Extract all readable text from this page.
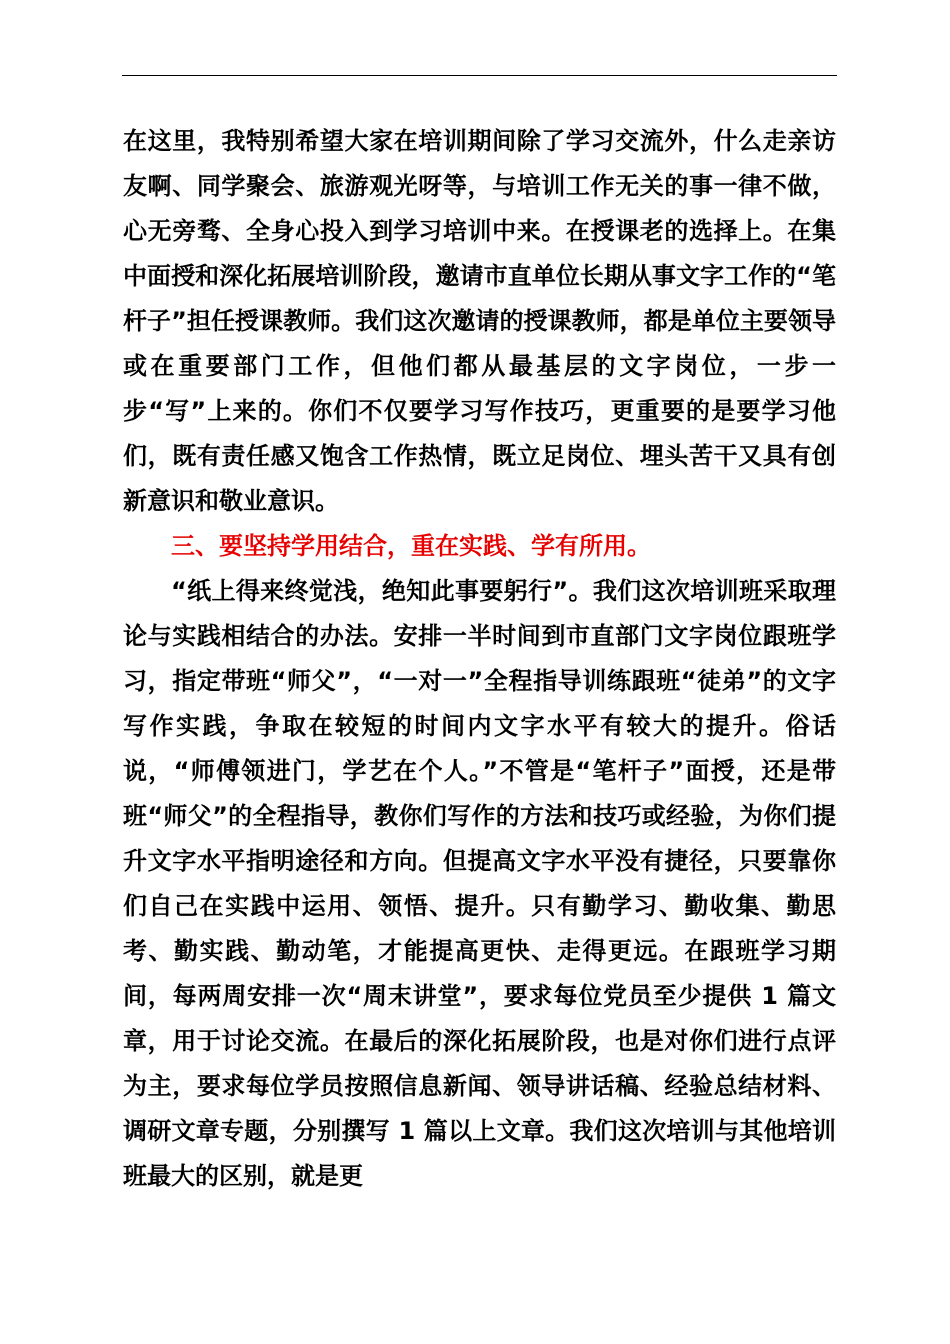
在这里，我特别希望大家在培训期间除了学习交流外，什么走亲访友啊、同学聚会、旅游观光呀等，与培训工作无关的事一律不做，心无旁骛、全身心投入到学习培训中来。在授课老的选择上。在集中面授和深化拓展培训阶段，邀请市直单位长期从事文字工作的“笔杆子”担任授课教师。我们这次邀请的授课教师，都是单位主要领导或在重要部门工作，但他们都从最基层的文字岗位，一步一步“写”上来的。你们不仅要学习写作技巧，更重要的是要学习他们，既有责任感又饱含工作热情，既立足岗位、埋头苦干又具有创新意识和敬业意识。

三、要坚持学用结合，重在实践、学有所用。

“纸上得来终觉浅，绝知此事要躬行”。我们这次培训班采取理论与实践相结合的办法。安排一半时间到市直部门文字岗位跟班学习，指定带班“师父”，“一对一”全程指导训练跟班“徒弟”的文字写作实践，争取在较短的时间内文字水平有较大的提升。俗话说，“师傅领进门，学艺在个人。”不管是“笔杆子”面授，还是带班“师父”的全程指导，教你们写作的方法和技巧或经验，为你们提升文字水平指明途径和方向。但提高文字水平没有捷径，只要靠你们自己在实践中运用、领悟、提升。只有勤学习、勤收集、勤思考、勤实践、勤动笔，才能提高更快、走得更远。在跟班学习期间，每两周安排一次“周末讲堂”，要求每位党员至少提供 1 篇文章，用于讨论交流。在最后的深化拓展阶段，也是对你们进行点评为主，要求每位学员按照信息新闻、领导讲话稿、经验总结材料、调研文章专题，分别撰写 1 篇以上文章。我们这次培训与其他培训班最大的区别，就是更
